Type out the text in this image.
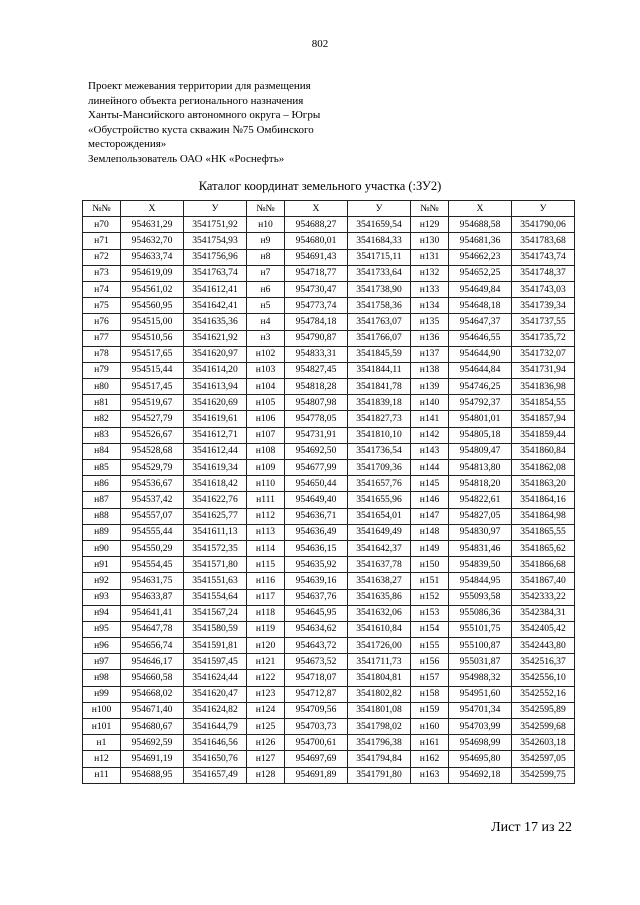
802
Проект межевания территории для размещения
линейного объекта регионального назначения
Ханты-Мансийского автономного округа – Югры
«Обустройство куста скважин №75 Омбинского
месторождения»
Землепользователь ОАО «НК «Роснефть»
Каталог координат земельного участка (:ЗУ2)
№№	X	У	№№	X	У	№№	X	У
н70	954631,29	3541751,92	н10	954688,27	3541659,54	н129	954688,58	3541790,06
н71	954632,70	3541754,93	н9	954680,01	3541684,33	н130	954681,36	3541783,68
н72	954633,74	3541756,96	н8	954691,43	3541715,11	н131	954662,23	3541743,74
н73	954619,09	3541763,74	н7	954718,77	3541733,64	н132	954652,25	3541748,37
н74	954561,02	3541612,41	н6	954730,47	3541738,90	н133	954649,84	3541743,03
н75	954560,95	3541642,41	н5	954773,74	3541758,36	н134	954648,18	3541739,34
н76	954515,00	3541635,36	н4	954784,18	3541763,07	н135	954647,37	3541737,55
н77	954510,56	3541621,92	н3	954790,87	3541766,07	н136	954646,55	3541735,72
н78	954517,65	3541620,97	н102	954833,31	3541845,59	н137	954644,90	3541732,07
н79	954515,44	3541614,20	н103	954827,45	3541844,11	н138	954644,84	3541731,94
н80	954517,45	3541613,94	н104	954818,28	3541841,78	н139	954746,25	3541836,98
н81	954519,67	3541620,69	н105	954807,98	3541839,18	н140	954792,37	3541854,55
н82	954527,79	3541619,61	н106	954778,05	3541827,73	н141	954801,01	3541857,94
н83	954526,67	3541612,71	н107	954731,91	3541810,10	н142	954805,18	3541859,44
н84	954528,68	3541612,44	н108	954692,50	3541736,54	н143	954809,47	3541860,84
н85	954529,79	3541619,34	н109	954677,99	3541709,36	н144	954813,80	3541862,08
н86	954536,67	3541618,42	н110	954650,44	3541657,76	н145	954818,20	3541863,20
н87	954537,42	3541622,76	н111	954649,40	3541655,96	н146	954822,61	3541864,16
н88	954557,07	3541625,77	н112	954636,71	3541654,01	н147	954827,05	3541864,98
н89	954555,44	3541611,13	н113	954636,49	3541649,49	н148	954830,97	3541865,55
н90	954550,29	3541572,35	н114	954636,15	3541642,37	н149	954831,46	3541865,62
н91	954554,45	3541571,80	н115	954635,92	3541637,78	н150	954839,50	3541866,68
н92	954631,75	3541551,63	н116	954639,16	3541638,27	н151	954844,95	3541867,40
н93	954633,87	3541554,64	н117	954637,76	3541635,86	н152	955093,58	3542333,22
н94	954641,41	3541567,24	н118	954645,95	3541632,06	н153	955086,36	3542384,31
н95	954647,78	3541580,59	н119	954634,62	3541610,84	н154	955101,75	3542405,42
н96	954656,74	3541591,81	н120	954643,72	3541726,00	н155	955100,87	3542443,80
н97	954646,17	3541597,45	н121	954673,52	3541711,73	н156	955031,87	3542516,37
н98	954660,58	3541624,44	н122	954718,07	3541804,81	н157	954988,32	3542556,10
н99	954668,02	3541620,47	н123	954712,87	3541802,82	н158	954951,60	3542552,16
н100	954671,40	3541624,82	н124	954709,56	3541801,08	н159	954701,34	3542595,89
н101	954680,67	3541644,79	н125	954703,73	3541798,02	н160	954703,99	3542599,68
н1	954692,59	3541646,56	н126	954700,61	3541796,38	н161	954698,99	3542603,18
н12	954691,19	3541650,76	н127	954697,69	3541794,84	н162	954695,80	3542597,05
н11	954688,95	3541657,49	н128	954691,89	3541791,80	н163	954692,18	3542599,75
Лист 17 из 22
